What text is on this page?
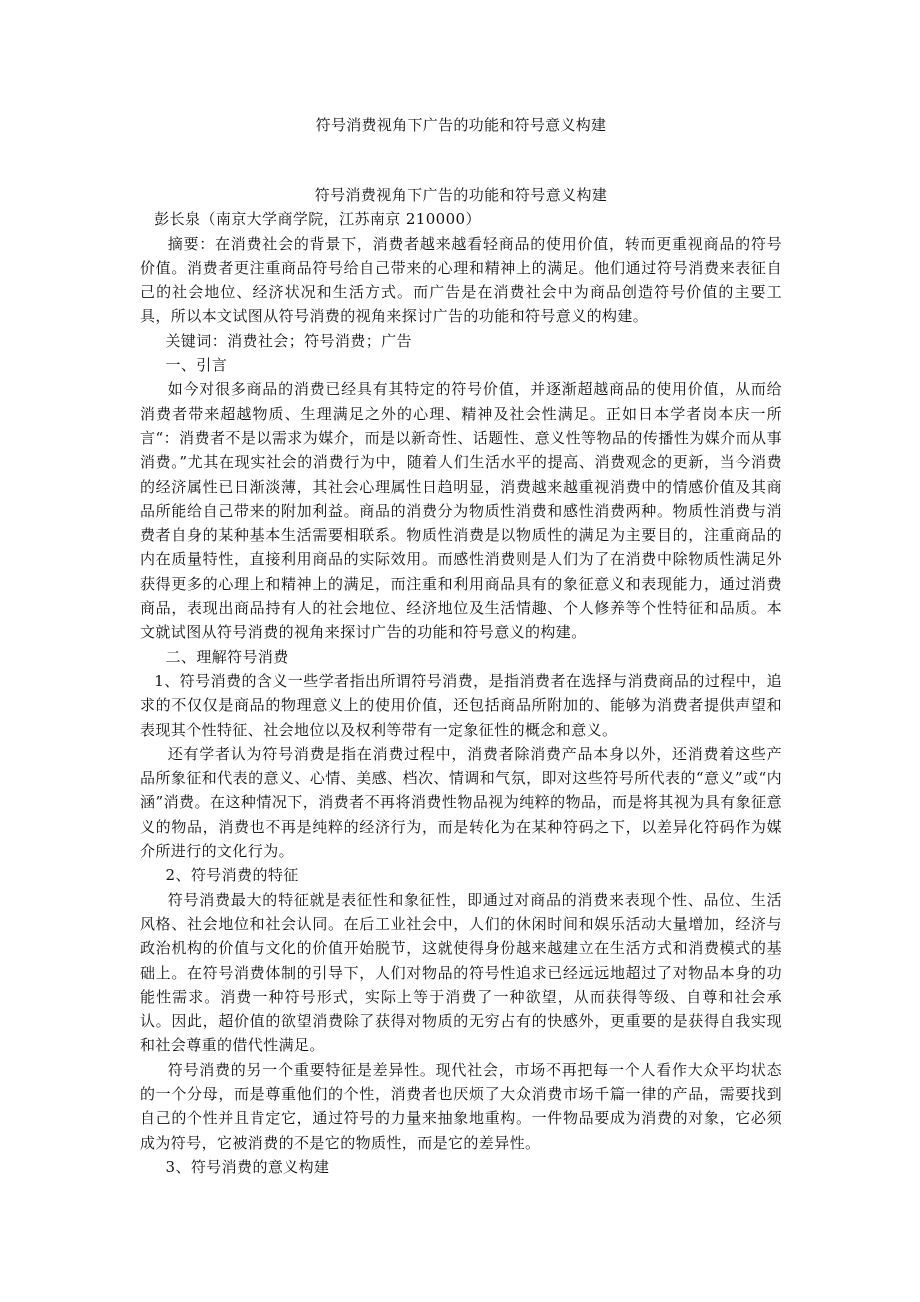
符号消费视角下广告的功能和符号意义构建

符号消费视角下广告的功能和符号意义构建

彭长泉（南京大学商学院，江苏南京 210000）

摘要：在消费社会的背景下，消费者越来越看轻商品的使用价值，转而更重视商品的符号价值。消费者更注重商品符号给自己带来的心理和精神上的满足。他们通过符号消费来表征自己的社会地位、经济状况和生活方式。而广告是在消费社会中为商品创造符号价值的主要工具，所以本文试图从符号消费的视角来探讨广告的功能和符号意义的构建。

关键词：消费社会；符号消费；广告

一、引言

如今对很多商品的消费已经具有其特定的符号价值，并逐渐超越商品的使用价值，从而给消费者带来超越物质、生理满足之外的心理、精神及社会性满足。正如日本学者岗本庆一所言“：消费者不是以需求为媒介，而是以新奇性、话题性、意义性等物品的传播性为媒介而从事消费。”尤其在现实社会的消费行为中，随着人们生活水平的提高、消费观念的更新，当今消费的经济属性已日渐淡薄，其社会心理属性日趋明显，消费越来越重视消费中的情感价值及其商品所能给自己带来的附加利益。商品的消费分为物质性消费和感性消费两种。物质性消费与消费者自身的某种基本生活需要相联系。物质性消费是以物质性的满足为主要目的，注重商品的内在质量特性，直接利用商品的实际效用。而感性消费则是人们为了在消费中除物质性满足外获得更多的心理上和精神上的满足，而注重和利用商品具有的象征意义和表现能力，通过消费商品，表现出商品持有人的社会地位、经济地位及生活情趣、个人修养等个性特征和品质。本文就试图从符号消费的视角来探讨广告的功能和符号意义的构建。

二、理解符号消费

1、符号消费的含义一些学者指出所谓符号消费，是指消费者在选择与消费商品的过程中，追求的不仅仅是商品的物理意义上的使用价值，还包括商品所附加的、能够为消费者提供声望和表现其个性特征、社会地位以及权利等带有一定象征性的概念和意义。

还有学者认为符号消费是指在消费过程中，消费者除消费产品本身以外，还消费着这些产品所象征和代表的意义、心情、美感、档次、情调和气氛，即对这些符号所代表的“意义”或“内涵”消费。在这种情况下，消费者不再将消费性物品视为纯粹的物品，而是将其视为具有象征意义的物品，消费也不再是纯粹的经济行为，而是转化为在某种符码之下，以差异化符码作为媒介所进行的文化行为。

2、符号消费的特征

符号消费最大的特征就是表征性和象征性，即通过对商品的消费来表现个性、品位、生活风格、社会地位和社会认同。在后工业社会中，人们的休闲时间和娱乐活动大量增加，经济与政治机构的价值与文化的价值开始脱节，这就使得身份越来越建立在生活方式和消费模式的基础上。在符号消费体制的引导下，人们对物品的符号性追求已经远远地超过了对物品本身的功能性需求。消费一种符号形式，实际上等于消费了一种欲望，从而获得等级、自尊和社会承认。因此，超价值的欲望消费除了获得对物质的无穷占有的快感外，更重要的是获得自我实现和社会尊重的借代性满足。

符号消费的另一个重要特征是差异性。现代社会，市场不再把每一个人看作大众平均状态的一个分母，而是尊重他们的个性，消费者也厌烦了大众消费市场千篇一律的产品，需要找到自己的个性并且肯定它，通过符号的力量来抽象地重构。一件物品要成为消费的对象，它必须成为符号，它被消费的不是它的物质性，而是它的差异性。

3、符号消费的意义构建
